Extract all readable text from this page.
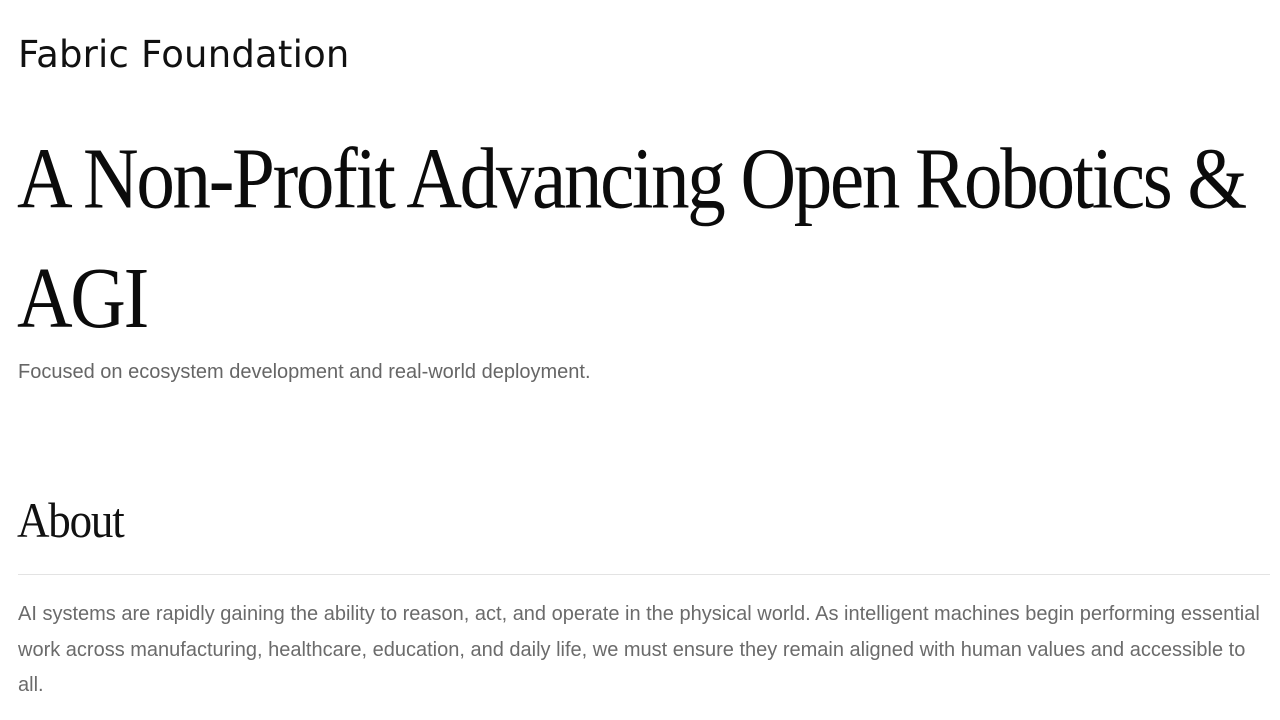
Fabric Foundation
A Non-Profit Advancing Open Robotics & AGI

Focused on ecosystem development and real-world deployment.

About

AI systems are rapidly gaining the ability to reason, act, and operate in the physical world. As intelligent machines begin performing essential work across manufacturing, healthcare, education, and daily life, we must ensure they remain aligned with human values and accessible to all.
